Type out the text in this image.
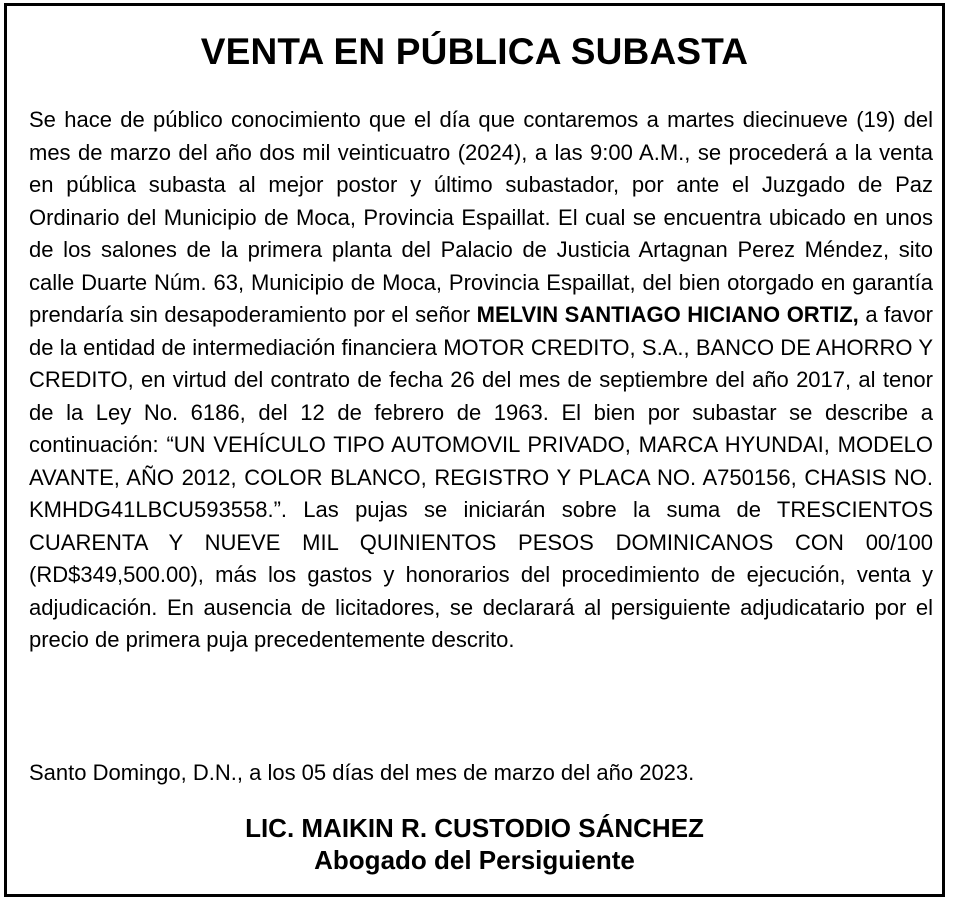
VENTA EN PÚBLICA SUBASTA

Se hace de público conocimiento que el día que contaremos a martes diecinueve (19) del mes de marzo del año dos mil veinticuatro (2024), a las 9:00 A.M., se procederá a la venta en pública subasta al mejor postor y último subastador, por ante el Juzgado de Paz Ordinario del Municipio de Moca, Provincia Espaillat. El cual se encuentra ubicado en unos de los salones de la primera planta del Palacio de Justicia Artagnan Perez Méndez, sito calle Duarte Núm. 63, Municipio de Moca, Provincia Espaillat, del bien otorgado en garantía prendaría sin desapoderamiento por el señor MELVIN SANTIAGO HICIANO ORTIZ, a favor de la entidad de intermediación financiera MOTOR CREDITO, S.A., BANCO DE AHORRO Y CREDITO, en virtud del contrato de fecha 26 del mes de septiembre del año 2017, al tenor de la Ley No. 6186, del 12 de febrero de 1963. El bien por subastar se describe a continuación: “UN VEHÍCULO TIPO AUTOMOVIL PRIVADO, MARCA HYUNDAI, MODELO AVANTE, AÑO 2012, COLOR BLANCO, REGISTRO Y PLACA NO. A750156, CHASIS NO. KMHDG41LBCU593558.”. Las pujas se iniciarán sobre la suma de TRESCIENTOS CUARENTA Y NUEVE MIL QUINIENTOS PESOS DOMINICANOS CON 00/100 (RD$349,500.00), más los gastos y honorarios del procedimiento de ejecución, venta y adjudicación. En ausencia de licitadores, se declarará al persiguiente adjudicatario por el precio de primera puja precedentemente descrito.

Santo Domingo, D.N., a los 05 días del mes de marzo del año 2023.

LIC. MAIKIN R. CUSTODIO SÁNCHEZ
Abogado del Persiguiente
